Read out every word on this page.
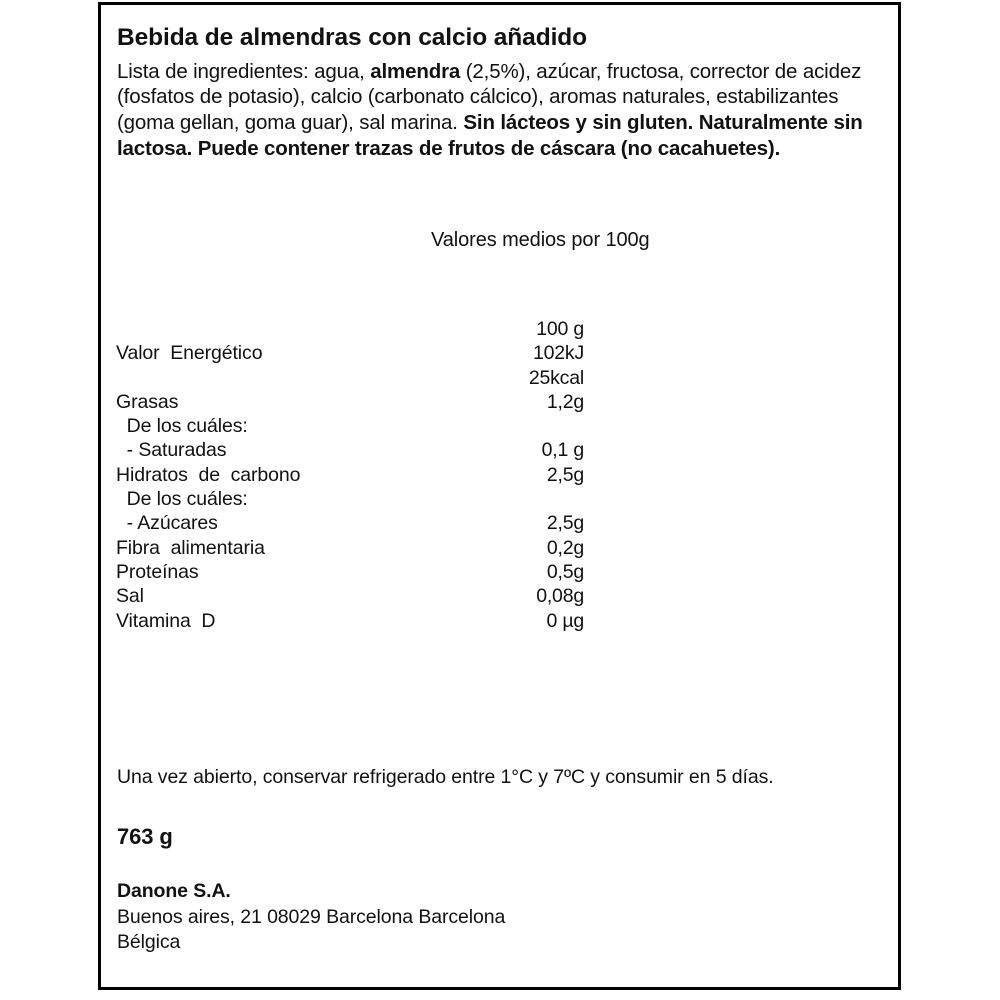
Bebida de almendras con calcio añadido

Lista de ingredientes: agua, almendra (2,5%), azúcar, fructosa, corrector de acidez (fosfatos de potasio), calcio (carbonato cálcico), aromas naturales, estabilizantes (goma gellan, goma guar), sal marina. Sin lácteos y sin gluten. Naturalmente sin lactosa. Puede contener trazas de frutos de cáscara (no cacahuetes).

Valores medios por 100g
100 g
Valor  Energético	102kJ
25kcal
Grasas	1,2g
De los cuáles:
- Saturadas	0,1 g
Hidratos  de  carbono	2,5g
De los cuáles:
- Azúcares	2,5g
Fibra  alimentaria	0,2g
Proteínas	0,5g
Sal	0,08g
Vitamina  D	0 µg
Una vez abierto, conservar refrigerado entre 1°C y 7ºC y consumir en 5 días.
763 g
Danone S.A.
Buenos aires, 21 08029 Barcelona Barcelona
Bélgica
